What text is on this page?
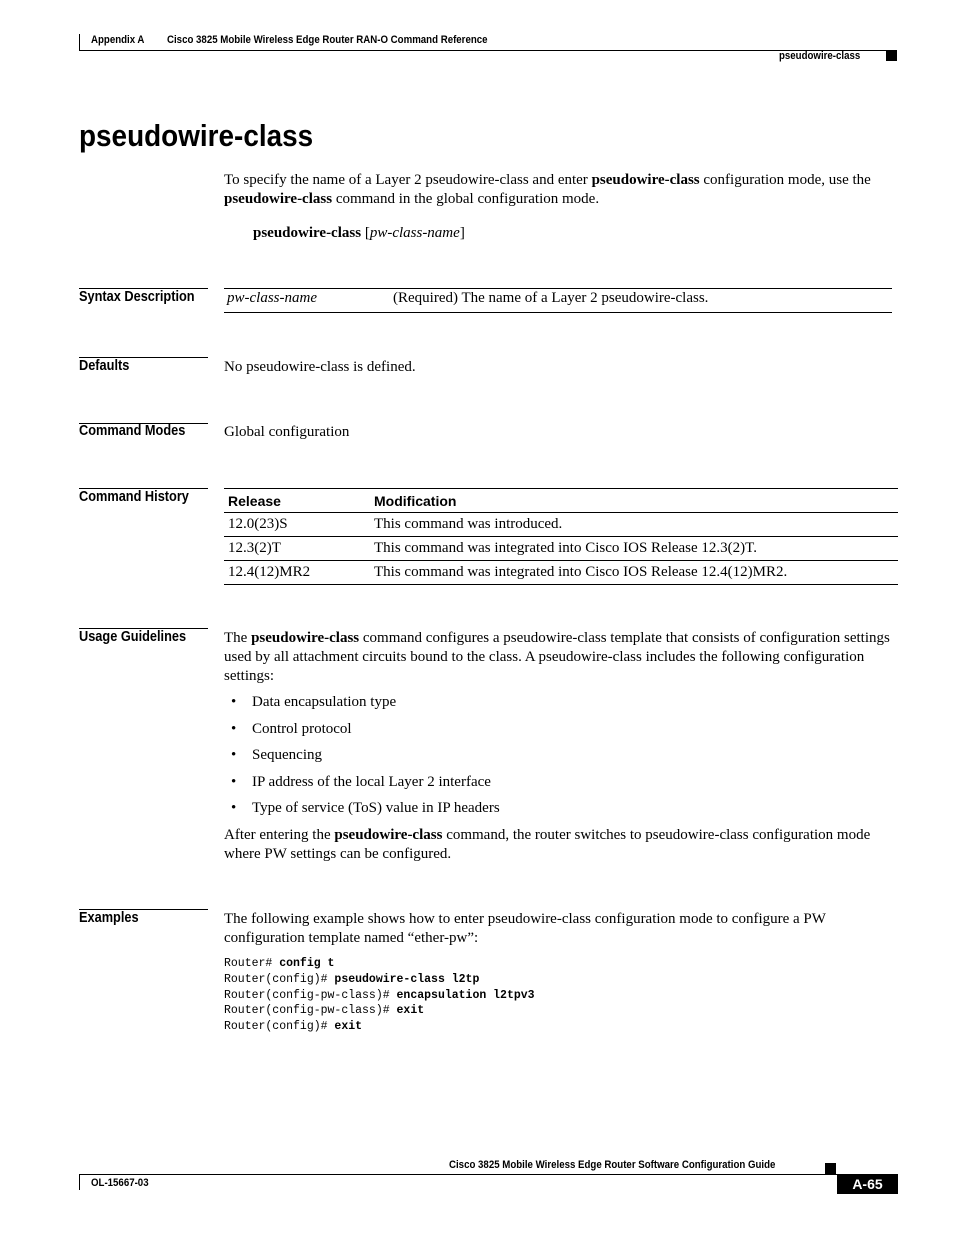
Appendix A Cisco 3825 Mobile Wireless Edge Router RAN-O Command Reference
pseudowire-class
pseudowire-class
To specify the name of a Layer 2 pseudowire-class and enter pseudowire-class configuration mode, use the pseudowire-class command in the global configuration mode.
pseudowire-class [pw-class-name]
Syntax Description pw-class-name	(Required) The name of a Layer 2 pseudowire-class.
Defaults	No pseudowire-class is defined.
Command Modes	Global configuration
Command History	Release	Modification
12.0(23)S	This command was introduced.
12.3(2)T	This command was integrated into Cisco IOS Release 12.3(2)T.
12.4(12)MR2	This command was integrated into Cisco IOS Release 12.4(12)MR2.
Usage Guidelines	The pseudowire-class command configures a pseudowire-class template that consists of configuration settings used by all attachment circuits bound to the class. A pseudowire-class includes the following configuration settings:
• Data encapsulation type
• Control protocol
• Sequencing
• IP address of the local Layer 2 interface
• Type of service (ToS) value in IP headers
After entering the pseudowire-class command, the router switches to pseudowire-class configuration mode where PW settings can be configured.
Examples	The following example shows how to enter pseudowire-class configuration mode to configure a PW configuration template named “ether-pw”:
Router# config t
Router(config)# pseudowire-class l2tp
Router(config-pw-class)# encapsulation l2tpv3
Router(config-pw-class)# exit
Router(config)# exit
Cisco 3825 Mobile Wireless Edge Router Software Configuration Guide
OL-15667-03	A-65
